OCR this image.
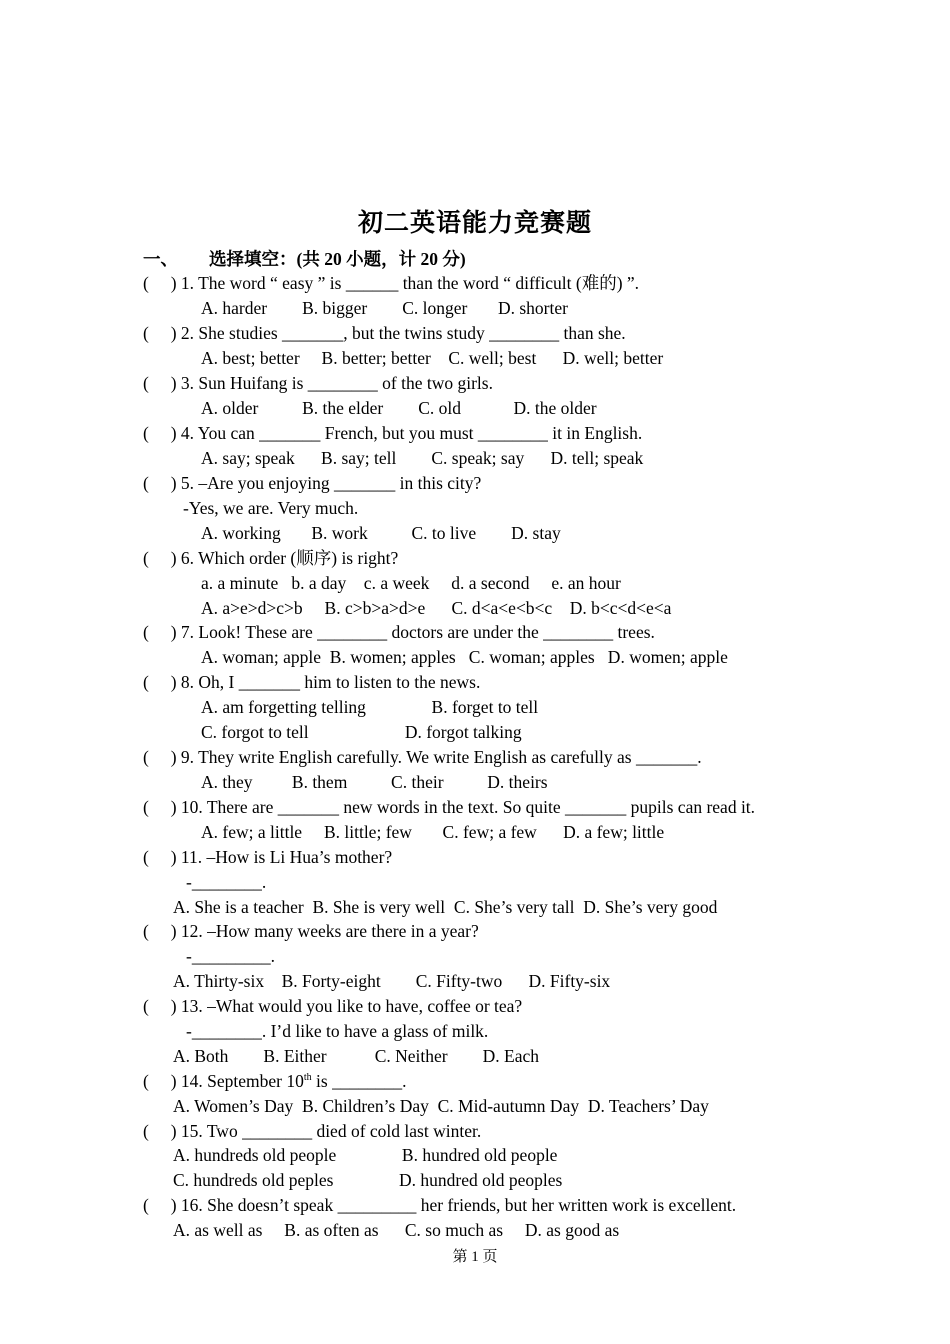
初二英语能力竞赛题
一、 选择填空：(共 20 小题，计 20 分)
(     ) 1. The word “ easy ” is ______ than the word “ difficult (难的) ”.
A. harder        B. bigger        C. longer       D. shorter
(     ) 2. She studies _______, but the twins study ________ than she.
A. best; better     B. better; better    C. well; best      D. well; better
(     ) 3. Sun Huifang is ________ of the two girls.
A. older          B. the elder        C. old            D. the older
(     ) 4. You can _______ French, but you must ________ it in English.
A. say; speak      B. say; tell        C. speak; say      D. tell; speak
(     ) 5. –Are you enjoying _______ in this city?
-Yes, we are. Very much.
A. working       B. work          C. to live        D. stay
(     ) 6. Which order (顺序) is right?
a. a minute   b. a day    c. a week     d. a second     e. an hour
A. a>e>d>c>b     B. c>b>a>d>e      C. d<a<e<b<c    D. b<c<d<e<a
(     ) 7. Look! These are ________ doctors are under the ________ trees.
A. woman; apple  B. women; apples   C. woman; apples   D. women; apple
(     ) 8. Oh, I _______ him to listen to the news.
A. am forgetting telling               B. forget to tell
C. forgot to tell                      D. forgot talking
(     ) 9. They write English carefully. We write English as carefully as _______.
A. they         B. them          C. their          D. theirs
(     ) 10. There are _______ new words in the text. So quite _______ pupils can read it.
A. few; a little     B. little; few       C. few; a few      D. a few; little
(     ) 11. –How is Li Hua’s mother?
-________.
A. She is a teacher  B. She is very well  C. She’s very tall  D. She’s very good
(     ) 12. –How many weeks are there in a year?
-_________.
A. Thirty-six    B. Forty-eight        C. Fifty-two      D. Fifty-six
(     ) 13. –What would you like to have, coffee or tea?
-________. I’d like to have a glass of milk.
A. Both        B. Either           C. Neither        D. Each
(     ) 14. September 10th is ________.
A. Women’s Day  B. Children’s Day  C. Mid-autumn Day  D. Teachers’ Day
(     ) 15. Two ________ died of cold last winter.
A. hundreds old people               B. hundred old people
C. hundreds old peples               D. hundred old peoples
(     ) 16. She doesn’t speak _________ her friends, but her written work is excellent.
A. as well as     B. as often as      C. so much as     D. as good as
第 1 页
